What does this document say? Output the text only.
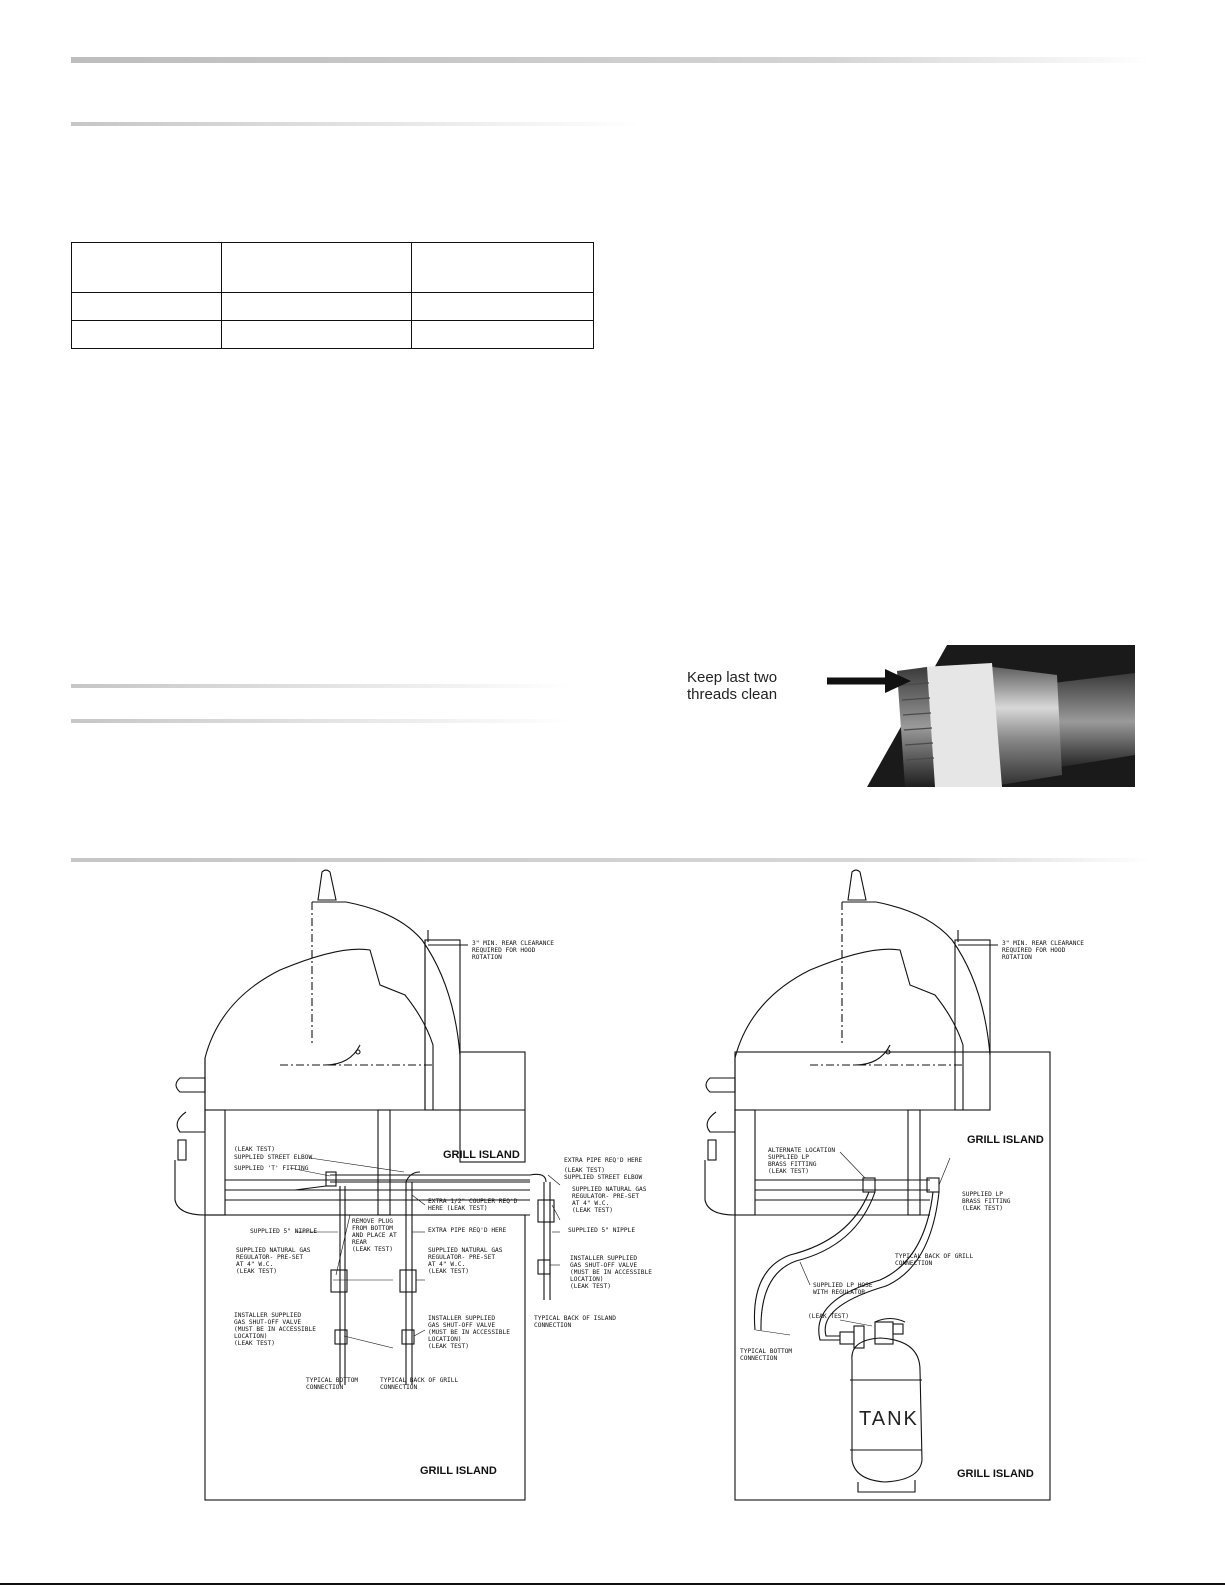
Keep last two
threads clean
3" MIN. REAR CLEARANCE
REQUIRED FOR HOOD
ROTATION
GRILL ISLAND
GRILL ISLAND
(LEAK TEST)
SUPPLIED STREET ELBOW
SUPPLIED 'T' FITTING
SUPPLIED 5" NIPPLE
REMOVE PLUG
FROM BOTTOM
AND PLACE AT
REAR
(LEAK TEST)
SUPPLIED NATURAL GAS
REGULATOR- PRE-SET
AT 4" W.C.
(LEAK TEST)
INSTALLER SUPPLIED
GAS SHUT-OFF VALVE
(MUST BE IN ACCESSIBLE
LOCATION)
(LEAK TEST)
EXTRA 1/2" COUPLER REQ'D
HERE (LEAK TEST)
EXTRA PIPE REQ'D HERE
SUPPLIED NATURAL GAS
REGULATOR- PRE-SET
AT 4" W.C.
(LEAK TEST)
INSTALLER SUPPLIED
GAS SHUT-OFF VALVE
(MUST BE IN ACCESSIBLE
LOCATION)
(LEAK TEST)
EXTRA PIPE REQ'D HERE
(LEAK TEST)
SUPPLIED STREET ELBOW
SUPPLIED NATURAL GAS
REGULATOR- PRE-SET
AT 4" W.C.
(LEAK TEST)
SUPPLIED 5" NIPPLE
INSTALLER SUPPLIED
GAS SHUT-OFF VALVE
(MUST BE IN ACCESSIBLE
LOCATION)
(LEAK TEST)
TYPICAL BACK OF ISLAND
CONNECTION
TYPICAL BOTTOM
CONNECTION
TYPICAL BACK OF GRILL
CONNECTION
3" MIN. REAR CLEARANCE
REQUIRED FOR HOOD
ROTATION
GRILL ISLAND
GRILL ISLAND
ALTERNATE LOCATION
SUPPLIED LP
BRASS FITTING
(LEAK TEST)
SUPPLIED LP
BRASS FITTING
(LEAK TEST)
TYPICAL BACK OF GRILL
CONNECTION
SUPPLIED LP HOSE
WITH REGULATOR
(LEAK TEST)
TYPICAL BOTTOM
CONNECTION
TANK
